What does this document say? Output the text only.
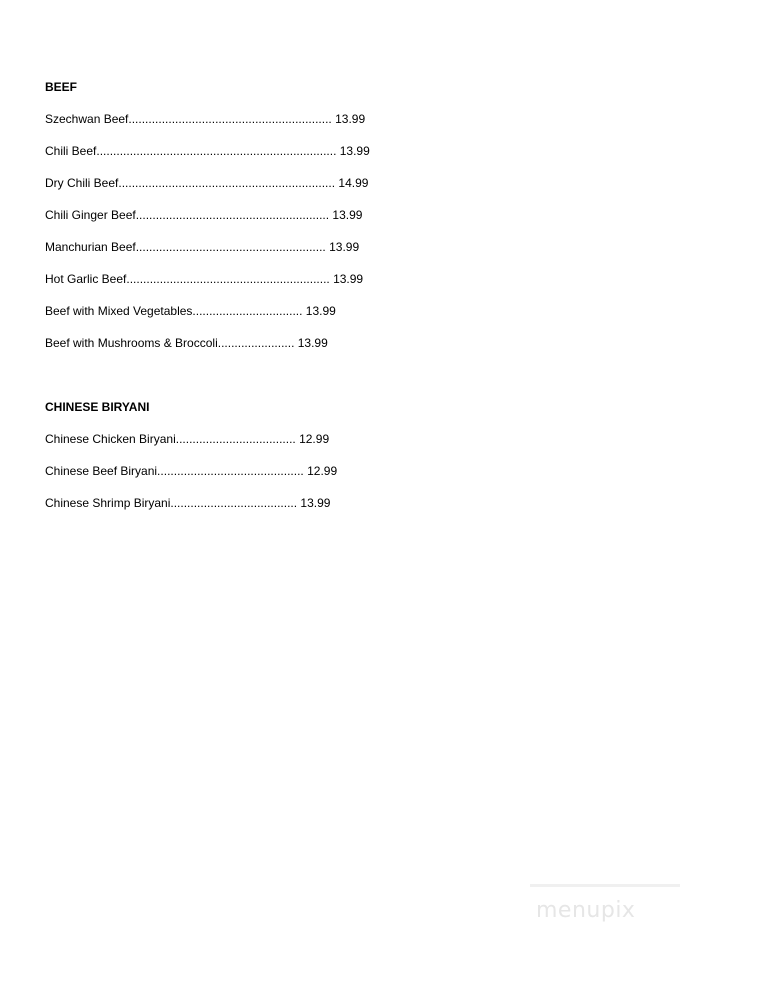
BEEF
Szechwan Beef............................................................. 13.99
Chili Beef........................................................................ 13.99
Dry Chili Beef................................................................. 14.99
Chili Ginger Beef.......................................................... 13.99
Manchurian Beef......................................................... 13.99
Hot Garlic Beef............................................................. 13.99
Beef with Mixed Vegetables................................. 13.99
Beef with Mushrooms & Broccoli....................... 13.99
CHINESE BIRYANI
Chinese Chicken Biryani.................................... 12.99
Chinese Beef Biryani............................................ 12.99
Chinese Shrimp Biryani...................................... 13.99
menupix
